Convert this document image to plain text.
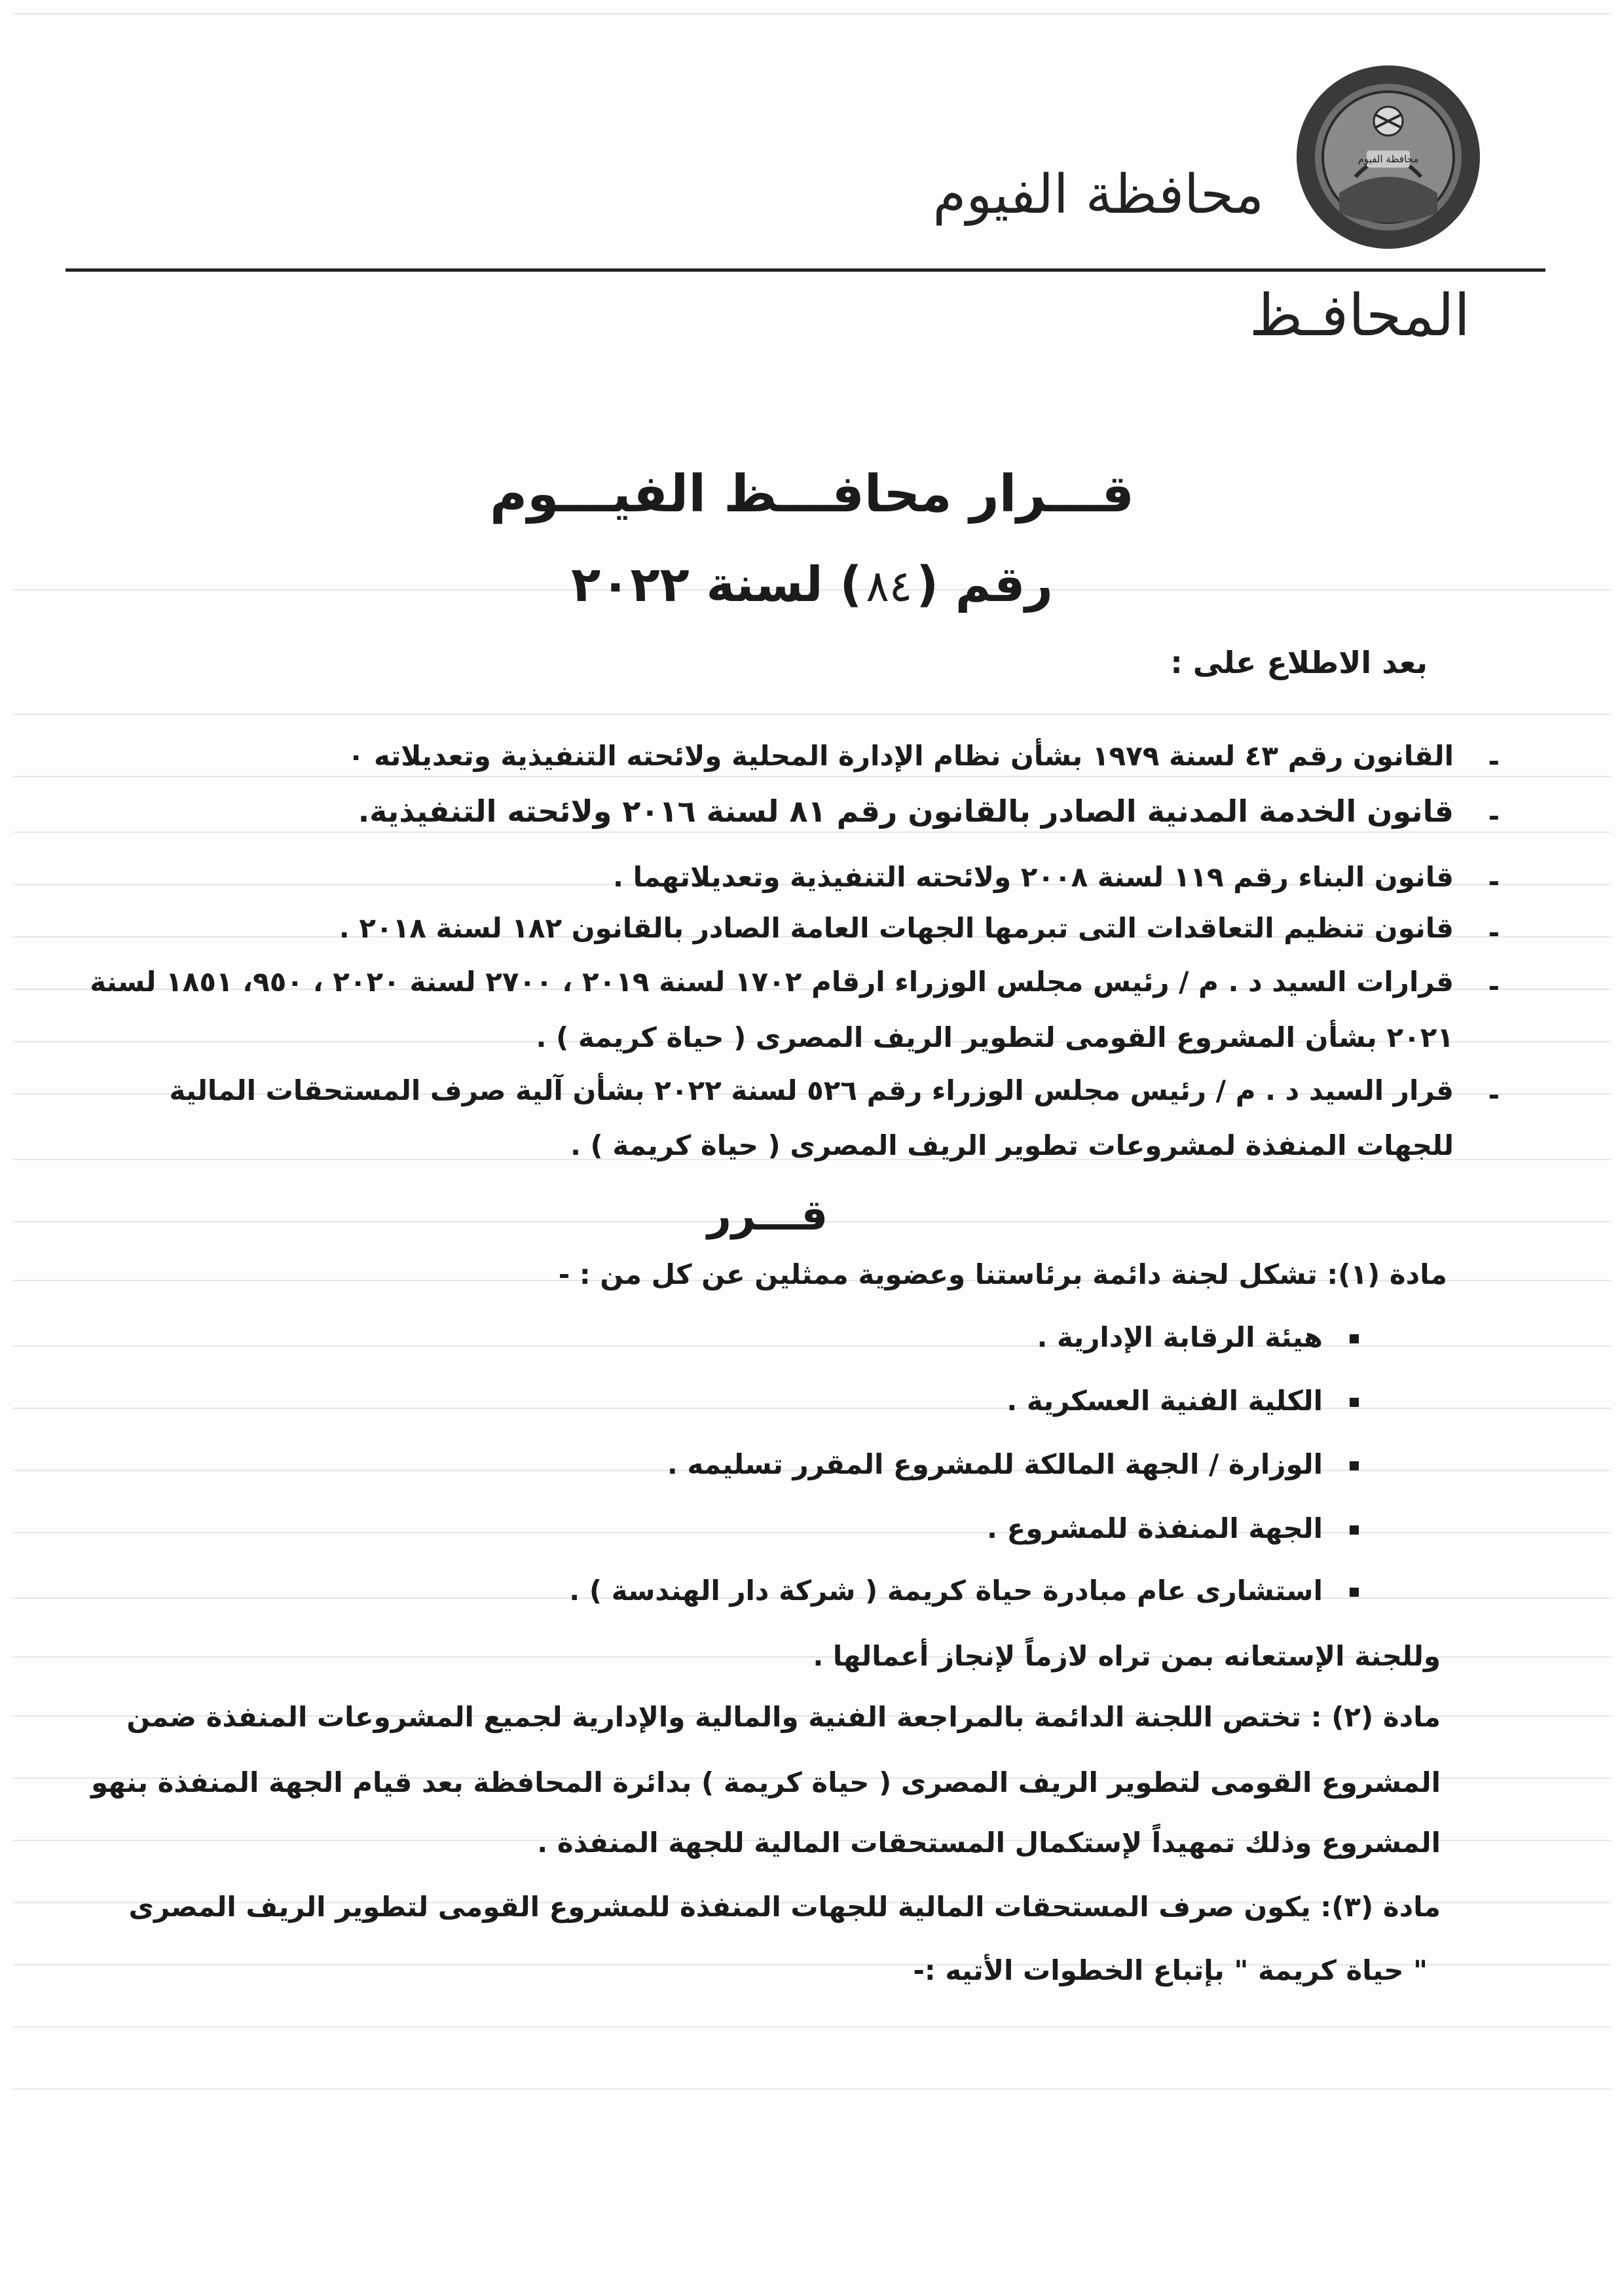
محافظة الفيوم
محافظة الفيوم
المحافـظ
قـــرار محافـــظ الفيـــوم
رقم (٨٤) لسنة ٢٠٢٢
بعد الاطلاع على :
-
القانون رقم ٤٣ لسنة ١٩٧٩ بشأن نظام الإدارة المحلية ولائحته التنفيذية وتعديلاته ٠
-
قانون الخدمة المدنية الصادر بالقانون رقم ٨١ لسنة ٢٠١٦ ولائحته التنفيذية.
-
قانون البناء رقم ١١٩ لسنة ٢٠٠٨ ولائحته التنفيذية وتعديلاتهما .
-
قانون تنظيم التعاقدات التى تبرمها الجهات العامة الصادر بالقانون ١٨٢ لسنة ٢٠١٨ .
-
قرارات السيد د . م / رئيس مجلس الوزراء ارقام ١٧٠٢ لسنة ٢٠١٩ ، ٢٧٠٠ لسنة ٢٠٢٠ ، ٩٥٠، ١٨٥١ لسنة
٢٠٢١ بشأن المشروع القومى لتطوير الريف المصرى ( حياة كريمة ) .
-
قرار السيد د . م / رئيس مجلس الوزراء رقم ٥٢٦ لسنة ٢٠٢٢ بشأن آلية صرف المستحقات المالية
للجهات المنفذة لمشروعات تطوير الريف المصرى ( حياة كريمة ) .
قـــرر
مادة (١): تشكل لجنة دائمة برئاستنا وعضوية ممثلين عن كل من : -
هيئة الرقابة الإدارية .
الكلية الفنية العسكرية .
الوزارة / الجهة المالكة للمشروع المقرر تسليمه .
الجهة المنفذة للمشروع .
استشارى عام مبادرة حياة كريمة ( شركة دار الهندسة ) .
وللجنة الإستعانه بمن تراه لازماً لإنجاز أعمالها .
مادة (٢) : تختص اللجنة الدائمة بالمراجعة الفنية والمالية والإدارية لجميع المشروعات المنفذة ضمن
المشروع القومى لتطوير الريف المصرى ( حياة كريمة ) بدائرة المحافظة بعد قيام الجهة المنفذة بنهو
المشروع وذلك تمهيداً لإستكمال المستحقات المالية للجهة المنفذة .
مادة (٣): يكون صرف المستحقات المالية للجهات المنفذة للمشروع القومى لتطوير الريف المصرى
" حياة كريمة " بإتباع الخطوات الأتيه :-
